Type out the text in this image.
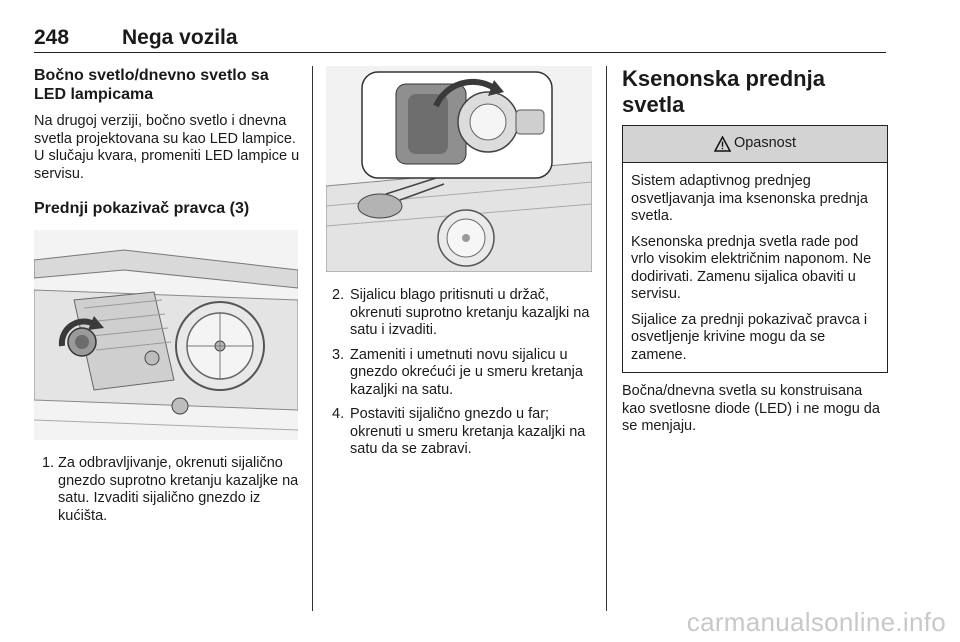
248	Nega vozila
Bočno svetlo/dnevno svetlo sa LED lampicama

Na drugoj verziji, bočno svetlo i dnevna svetla projektovana su kao LED lampice. U slučaju kvara, promeniti LED lampice u servisu.

Prednji pokazivač pravca (3)
1. Za odbravljivanje, okrenuti sijalično gnezdo suprotno kretanju kazaljke na satu. Izvaditi sijalično gnezdo iz kućišta.
2. Sijalicu blago pritisnuti u držač, okrenuti suprotno kretanju kazaljki na satu i izvaditi.
3. Zameniti i umetnuti novu sijalicu u gnezdo okrećući je u smeru kretanja kazaljki na satu.
4. Postaviti sijalično gnezdo u far; okrenuti u smeru kretanja kazaljki na satu da se zabravi.
Ksenonska prednja svetla
Opasnost

Sistem adaptivnog prednjeg osvetljavanja ima ksenonska prednja svetla.

Ksenonska prednja svetla rade pod vrlo visokim električnim naponom. Ne dodirivati. Zamenu sijalica obaviti u servisu.

Sijalice za prednji pokazivač pravca i osvetljenje krivine mogu da se zamene.

Bočna/dnevna svetla su konstruisana kao svetlosne diode (LED) i ne mogu da se menjaju.

carmanualsonline.info
